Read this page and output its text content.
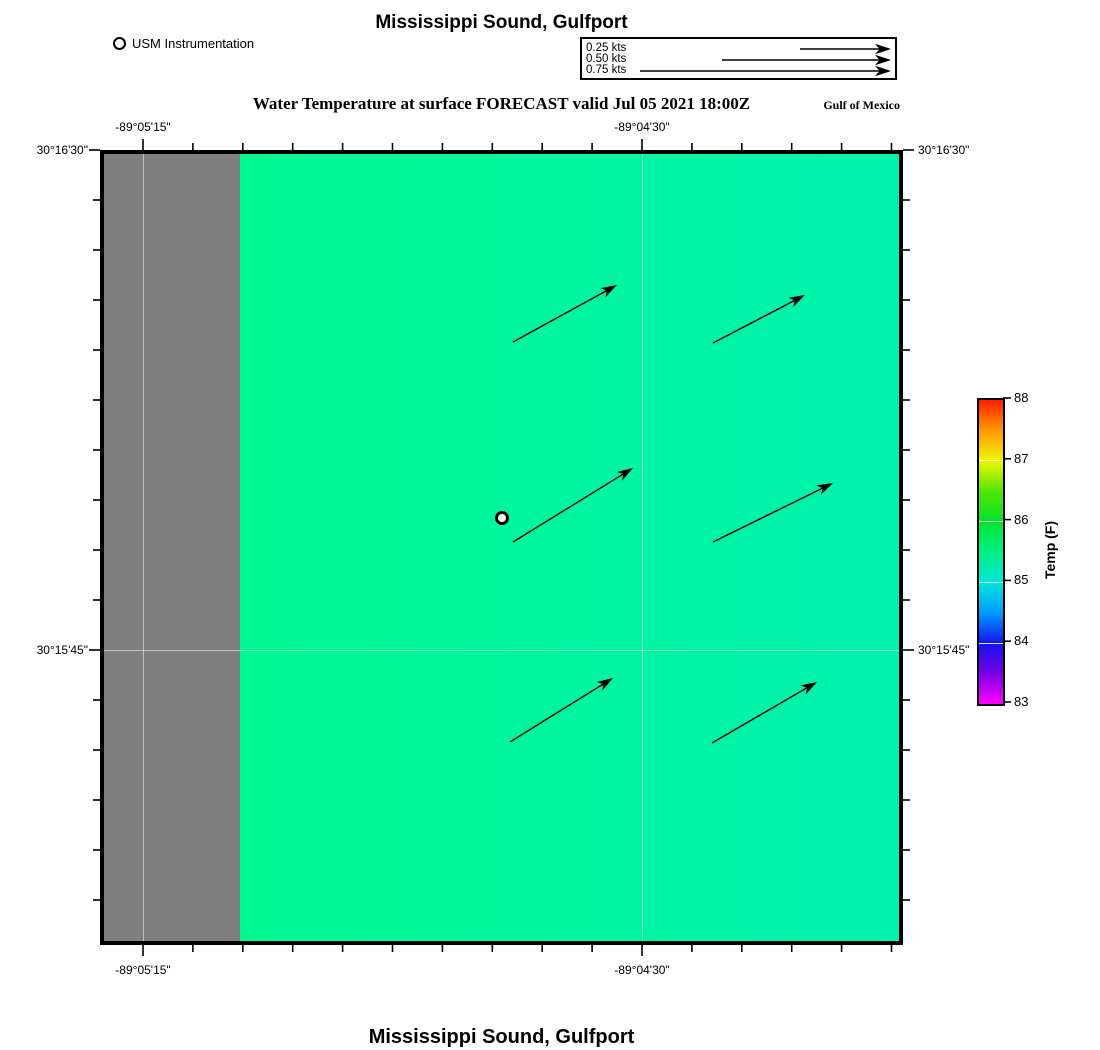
Mississippi Sound, Gulfport
USM Instrumentation	0.25 kts
0.50 kts
0.75 kts
Water Temperature at surface FORECAST valid Jul 05 2021 18:00Z	Gulf of Mexico
-89°05'15"
-89°05'15"
-89°04'30"
-89°04'30"
30°16'30"	30°16'30"
30°15'45"	30°15'45"
88
87
86
85
84
83
Temp (F)
Mississippi Sound, Gulfport
